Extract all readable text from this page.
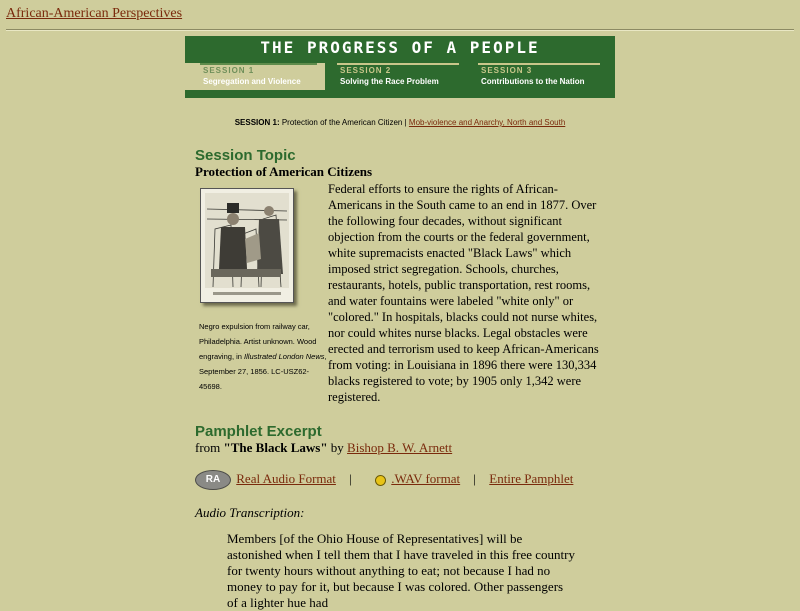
African-American Perspectives
THE PROGRESS OF A PEOPLE
SESSION 1
Segregation and Violence
SESSION 2
Solving the Race Problem
SESSION 3
Contributions to the Nation
SESSION 1: Protection of the American Citizen | Mob-violence and Anarchy, North and South
Session Topic
Protection of American Citizens
Negro expulsion from railway car, Philadelphia. Artist unknown. Wood engraving, in Illustrated London News, September 27, 1856. LC-USZ62-45698.
Federal efforts to ensure the rights of African-Americans in the South came to an end in 1877. Over the following four decades, without significant objection from the courts or the federal government, white supremacists enacted "Black Laws" which imposed strict segregation. Schools, churches, restaurants, hotels, public transportation, rest rooms, and water fountains were labeled "white only" or "colored." In hospitals, blacks could not nurse whites, nor could whites nurse blacks. Legal obstacles were erected and terrorism used to keep African-Americans from voting: in Louisiana in 1896 there were 130,334 blacks registered to vote; by 1905 only 1,342 were registered.
Pamphlet Excerpt
from "The Black Laws" by Bishop B. W. Arnett
RA Real Audio Format |	.WAV format | Entire Pamphlet
Audio Transcription:
Members [of the Ohio House of Representatives] will be astonished when I tell them that I have traveled in this free country for twenty hours without anything to eat; not because I had no money to pay for it, but because I was colored. Other passengers of a lighter hue had
